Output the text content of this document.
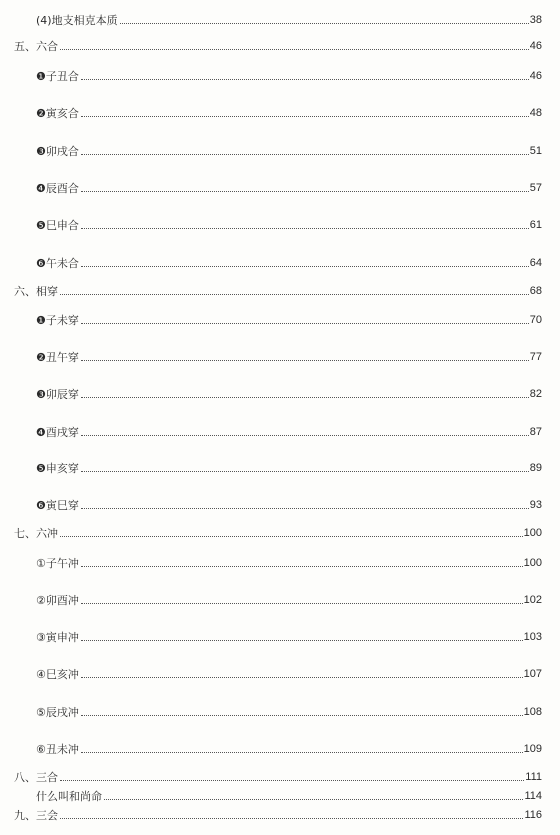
(4)地支相克本质	38
五、六合	46
❶子丑合	46
❷寅亥合	48
❸卯戌合	51
❹辰酉合	57
❺巳申合	61
❻午未合	64
六、相穿	68
❶子未穿	70
❷丑午穿	77
❸卯辰穿	82
❹酉戌穿	87
❺申亥穿	89
❻寅巳穿	93
七、六冲	100
①子午冲	100
②卯酉冲	102
③寅申冲	103
④巳亥冲	107
⑤辰戌冲	108
⑥丑未冲	109
八、三合	111
什么叫和尚命	114
九、三会	116
